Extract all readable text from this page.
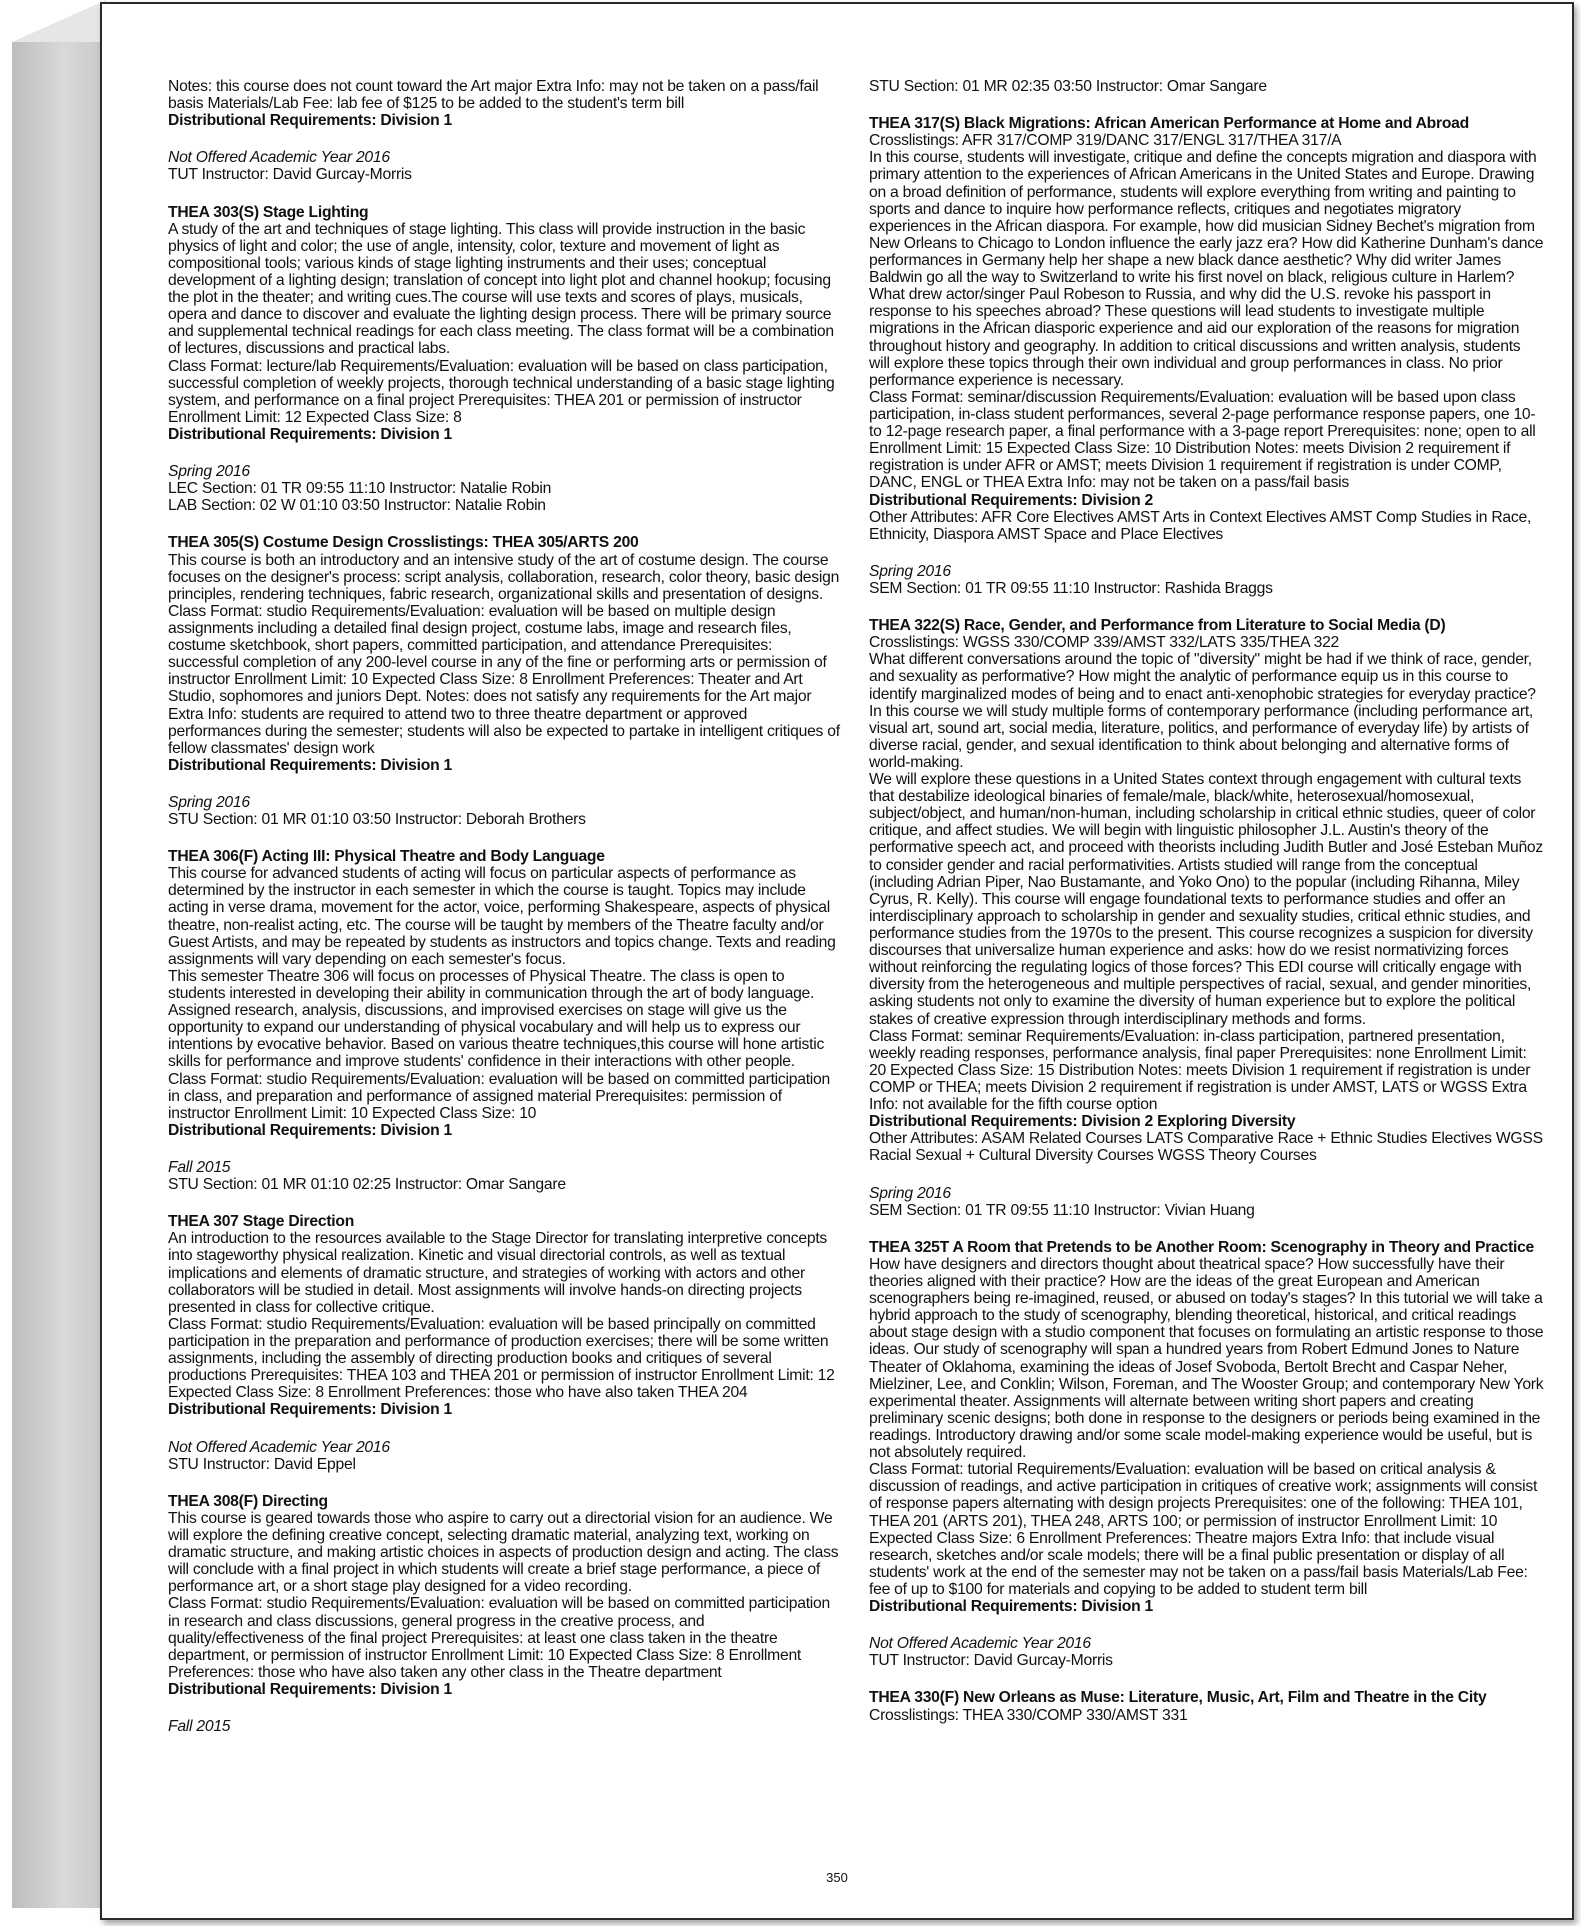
Notes: this course does not count toward the Art major Extra Info: may not be taken on a pass/fail basis Materials/Lab Fee: lab fee of $125 to be added to the student's term bill

Distributional Requirements: Division 1

Not Offered Academic Year 2016

TUT Instructor: David Gurcay-Morris

THEA 303(S) Stage Lighting

A study of the art and techniques of stage lighting. This class will provide instruction in the basic physics of light and color; the use of angle, intensity, color, texture and movement of light as compositional tools; various kinds of stage lighting instruments and their uses; conceptual development of a lighting design; translation of concept into light plot and channel hookup; focusing the plot in the theater; and writing cues.The course will use texts and scores of plays, musicals, opera and dance to discover and evaluate the lighting design process. There will be primary source and supplemental technical readings for each class meeting. The class format will be a combination of lectures, discussions and practical labs.

Class Format: lecture/lab Requirements/Evaluation: evaluation will be based on class participation, successful completion of weekly projects, thorough technical understanding of a basic stage lighting system, and performance on a final project Prerequisites: THEA 201 or permission of instructor Enrollment Limit: 12 Expected Class Size: 8

Distributional Requirements: Division 1

Spring 2016

LEC Section: 01 TR 09:55 11:10 Instructor: Natalie Robin

LAB Section: 02 W 01:10 03:50 Instructor: Natalie Robin

THEA 305(S) Costume Design Crosslistings: THEA 305/ARTS 200

This course is both an introductory and an intensive study of the art of costume design. The course focuses on the designer's process: script analysis, collaboration, research, color theory, basic design principles, rendering techniques, fabric research, organizational skills and presentation of designs.

Class Format: studio Requirements/Evaluation: evaluation will be based on multiple design assignments including a detailed final design project, costume labs, image and research files, costume sketchbook, short papers, committed participation, and attendance Prerequisites: successful completion of any 200-level course in any of the fine or performing arts or permission of instructor Enrollment Limit: 10 Expected Class Size: 8 Enrollment Preferences: Theater and Art Studio, sophomores and juniors Dept. Notes: does not satisfy any requirements for the Art major Extra Info: students are required to attend two to three theatre department or approved performances during the semester; students will also be expected to partake in intelligent critiques of fellow classmates' design work

Distributional Requirements: Division 1

Spring 2016

STU Section: 01 MR 01:10 03:50 Instructor: Deborah Brothers

THEA 306(F) Acting III: Physical Theatre and Body Language

This course for advanced students of acting will focus on particular aspects of performance as determined by the instructor in each semester in which the course is taught. Topics may include acting in verse drama, movement for the actor, voice, performing Shakespeare, aspects of physical theatre, non-realist acting, etc. The course will be taught by members of the Theatre faculty and/or Guest Artists, and may be repeated by students as instructors and topics change. Texts and reading assignments will vary depending on each semester's focus.

This semester Theatre 306 will focus on processes of Physical Theatre. The class is open to students interested in developing their ability in communication through the art of body language. Assigned research, analysis, discussions, and improvised exercises on stage will give us the opportunity to expand our understanding of physical vocabulary and will help us to express our intentions by evocative behavior. Based on various theatre techniques,this course will hone artistic skills for performance and improve students' confidence in their interactions with other people.

Class Format: studio Requirements/Evaluation: evaluation will be based on committed participation in class, and preparation and performance of assigned material Prerequisites: permission of instructor Enrollment Limit: 10 Expected Class Size: 10

Distributional Requirements: Division 1

Fall 2015

STU Section: 01 MR 01:10 02:25 Instructor: Omar Sangare

THEA 307 Stage Direction

An introduction to the resources available to the Stage Director for translating interpretive concepts into stageworthy physical realization. Kinetic and visual directorial controls, as well as textual implications and elements of dramatic structure, and strategies of working with actors and other collaborators will be studied in detail. Most assignments will involve hands-on directing projects presented in class for collective critique.

Class Format: studio Requirements/Evaluation: evaluation will be based principally on committed participation in the preparation and performance of production exercises; there will be some written assignments, including the assembly of directing production books and critiques of several productions Prerequisites: THEA 103 and THEA 201 or permission of instructor Enrollment Limit: 12 Expected Class Size: 8 Enrollment Preferences: those who have also taken THEA 204

Distributional Requirements: Division 1

Not Offered Academic Year 2016

STU Instructor: David Eppel

THEA 308(F) Directing

This course is geared towards those who aspire to carry out a directorial vision for an audience. We will explore the defining creative concept, selecting dramatic material, analyzing text, working on dramatic structure, and making artistic choices in aspects of production design and acting. The class will conclude with a final project in which students will create a brief stage performance, a piece of performance art, or a short stage play designed for a video recording.

Class Format: studio Requirements/Evaluation: evaluation will be based on committed participation in research and class discussions, general progress in the creative process, and quality/effectiveness of the final project Prerequisites: at least one class taken in the theatre department, or permission of instructor Enrollment Limit: 10 Expected Class Size: 8 Enrollment Preferences: those who have also taken any other class in the Theatre department

Distributional Requirements: Division 1

Fall 2015

STU Section: 01 MR 02:35 03:50 Instructor: Omar Sangare

THEA 317(S) Black Migrations: African American Performance at Home and Abroad

Crosslistings: AFR 317/COMP 319/DANC 317/ENGL 317/THEA 317/A

In this course, students will investigate, critique and define the concepts migration and diaspora with primary attention to the experiences of African Americans in the United States and Europe. Drawing on a broad definition of performance, students will explore everything from writing and painting to sports and dance to inquire how performance reflects, critiques and negotiates migratory experiences in the African diaspora. For example, how did musician Sidney Bechet's migration from New Orleans to Chicago to London influence the early jazz era? How did Katherine Dunham's dance performances in Germany help her shape a new black dance aesthetic? Why did writer James Baldwin go all the way to Switzerland to write his first novel on black, religious culture in Harlem? What drew actor/singer Paul Robeson to Russia, and why did the U.S. revoke his passport in response to his speeches abroad? These questions will lead students to investigate multiple migrations in the African diasporic experience and aid our exploration of the reasons for migration throughout history and geography. In addition to critical discussions and written analysis, students will explore these topics through their own individual and group performances in class. No prior performance experience is necessary.

Class Format: seminar/discussion Requirements/Evaluation: evaluation will be based upon class participation, in-class student performances, several 2-page performance response papers, one 10- to 12-page research paper, a final performance with a 3-page report Prerequisites: none; open to all Enrollment Limit: 15 Expected Class Size: 10 Distribution Notes: meets Division 2 requirement if registration is under AFR or AMST; meets Division 1 requirement if registration is under COMP, DANC, ENGL or THEA Extra Info: may not be taken on a pass/fail basis

Distributional Requirements: Division 2

Other Attributes: AFR Core Electives AMST Arts in Context Electives AMST Comp Studies in Race, Ethnicity, Diaspora AMST Space and Place Electives

Spring 2016

SEM Section: 01 TR 09:55 11:10 Instructor: Rashida Braggs

THEA 322(S) Race, Gender, and Performance from Literature to Social Media (D)

Crosslistings: WGSS 330/COMP 339/AMST 332/LATS 335/THEA 322

What different conversations around the topic of "diversity" might be had if we think of race, gender, and sexuality as performative? How might the analytic of performance equip us in this course to identify marginalized modes of being and to enact anti-xenophobic strategies for everyday practice? In this course we will study multiple forms of contemporary performance (including performance art, visual art, sound art, social media, literature, politics, and performance of everyday life) by artists of diverse racial, gender, and sexual identification to think about belonging and alternative forms of world-making.

We will explore these questions in a United States context through engagement with cultural texts that destabilize ideological binaries of female/male, black/white, heterosexual/homosexual, subject/object, and human/non-human, including scholarship in critical ethnic studies, queer of color critique, and affect studies. We will begin with linguistic philosopher J.L. Austin's theory of the performative speech act, and proceed with theorists including Judith Butler and José Esteban Muñoz to consider gender and racial performativities. Artists studied will range from the conceptual (including Adrian Piper, Nao Bustamante, and Yoko Ono) to the popular (including Rihanna, Miley Cyrus, R. Kelly). This course will engage foundational texts to performance studies and offer an interdisciplinary approach to scholarship in gender and sexuality studies, critical ethnic studies, and performance studies from the 1970s to the present. This course recognizes a suspicion for diversity discourses that universalize human experience and asks: how do we resist normativizing forces without reinforcing the regulating logics of those forces? This EDI course will critically engage with diversity from the heterogeneous and multiple perspectives of racial, sexual, and gender minorities, asking students not only to examine the diversity of human experience but to explore the political stakes of creative expression through interdisciplinary methods and forms.

Class Format: seminar Requirements/Evaluation: in-class participation, partnered presentation, weekly reading responses, performance analysis, final paper Prerequisites: none Enrollment Limit: 20 Expected Class Size: 15 Distribution Notes: meets Division 1 requirement if registration is under COMP or THEA; meets Division 2 requirement if registration is under AMST, LATS or WGSS Extra Info: not available for the fifth course option

Distributional Requirements: Division 2 Exploring Diversity

Other Attributes: ASAM Related Courses LATS Comparative Race + Ethnic Studies Electives WGSS Racial Sexual + Cultural Diversity Courses WGSS Theory Courses

Spring 2016

SEM Section: 01 TR 09:55 11:10 Instructor: Vivian Huang

THEA 325T A Room that Pretends to be Another Room: Scenography in Theory and Practice

How have designers and directors thought about theatrical space? How successfully have their theories aligned with their practice? How are the ideas of the great European and American scenographers being re-imagined, reused, or abused on today's stages? In this tutorial we will take a hybrid approach to the study of scenography, blending theoretical, historical, and critical readings about stage design with a studio component that focuses on formulating an artistic response to those ideas. Our study of scenography will span a hundred years from Robert Edmund Jones to Nature Theater of Oklahoma, examining the ideas of Josef Svoboda, Bertolt Brecht and Caspar Neher, Mielziner, Lee, and Conklin; Wilson, Foreman, and The Wooster Group; and contemporary New York experimental theater. Assignments will alternate between writing short papers and creating preliminary scenic designs; both done in response to the designers or periods being examined in the readings. Introductory drawing and/or some scale model-making experience would be useful, but is not absolutely required.

Class Format: tutorial Requirements/Evaluation: evaluation will be based on critical analysis & discussion of readings, and active participation in critiques of creative work; assignments will consist of response papers alternating with design projects Prerequisites: one of the following: THEA 101, THEA 201 (ARTS 201), THEA 248, ARTS 100; or permission of instructor Enrollment Limit: 10 Expected Class Size: 6 Enrollment Preferences: Theatre majors Extra Info: that include visual research, sketches and/or scale models; there will be a final public presentation or display of all students' work at the end of the semester may not be taken on a pass/fail basis Materials/Lab Fee: fee of up to $100 for materials and copying to be added to student term bill

Distributional Requirements: Division 1

Not Offered Academic Year 2016

TUT Instructor: David Gurcay-Morris

THEA 330(F) New Orleans as Muse: Literature, Music, Art, Film and Theatre in the City

Crosslistings: THEA 330/COMP 330/AMST 331

350
